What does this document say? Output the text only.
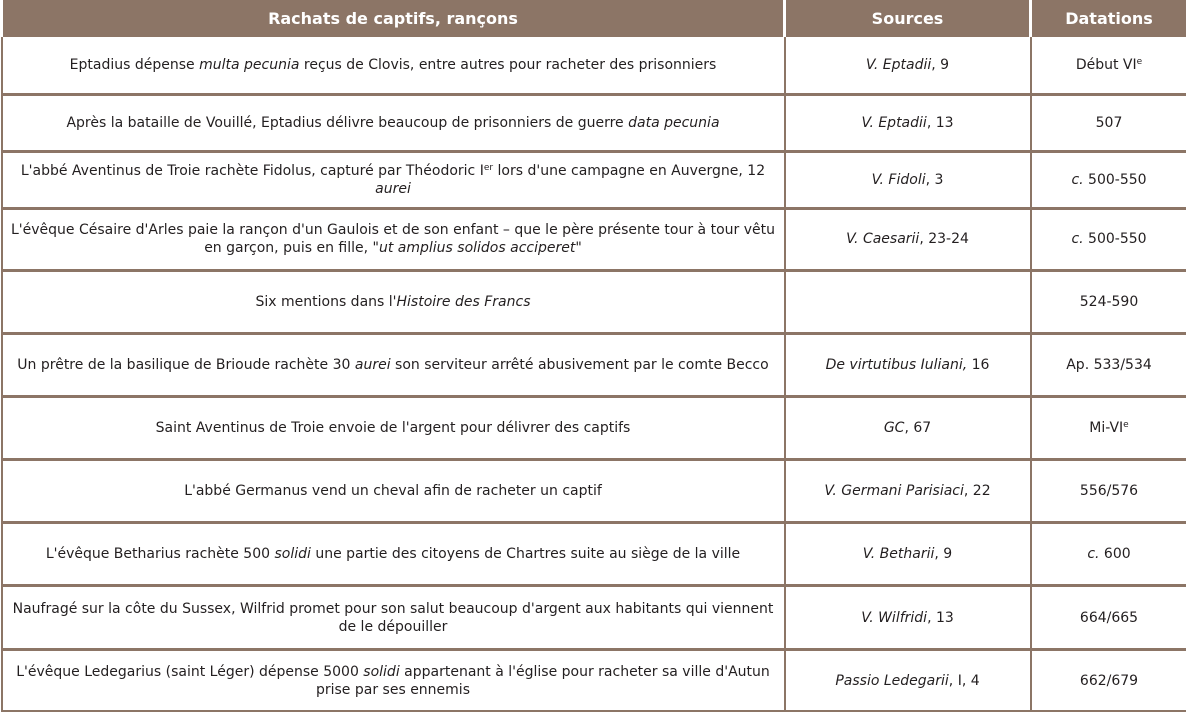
Rachats de captifs, rançons	Sources	Datations
Eptadius dépense multa pecunia reçus de Clovis, entre autres pour racheter des prisonniers	V. Eptadii, 9	Début VIe
Après la bataille de Vouillé, Eptadius délivre beaucoup de prisonniers de guerre data pecunia	V. Eptadii, 13	507
L'abbé Aventinus de Troie rachète Fidolus, capturé par Théodoric Ier lors d'une campagne en Auvergne, 12 aurei	V. Fidoli, 3	c. 500-550
L'évêque Césaire d'Arles paie la rançon d'un Gaulois et de son enfant – que le père présente tour à tour vêtu en garçon, puis en fille, "ut amplius solidos acciperet"	V. Caesarii, 23-24	c. 500-550
Six mentions dans l'Histoire des Francs		524-590
Un prêtre de la basilique de Brioude rachète 30 aurei son serviteur arrêté abusivement par le comte Becco	De virtutibus Iuliani, 16	Ap. 533/534
Saint Aventinus de Troie envoie de l'argent pour délivrer des captifs	GC, 67	Mi-VIe
L'abbé Germanus vend un cheval afin de racheter un captif	V. Germani Parisiaci, 22	556/576
L'évêque Betharius rachète 500 solidi une partie des citoyens de Chartres suite au siège de la ville	V. Betharii, 9	c. 600
Naufragé sur la côte du Sussex, Wilfrid promet pour son salut beaucoup d'argent aux habitants qui viennent de le dépouiller	V. Wilfridi, 13	664/665
L'évêque Ledegarius (saint Léger) dépense 5000 solidi appartenant à l'église pour racheter sa ville d'Autun prise par ses ennemis	Passio Ledegarii, I, 4	662/679
